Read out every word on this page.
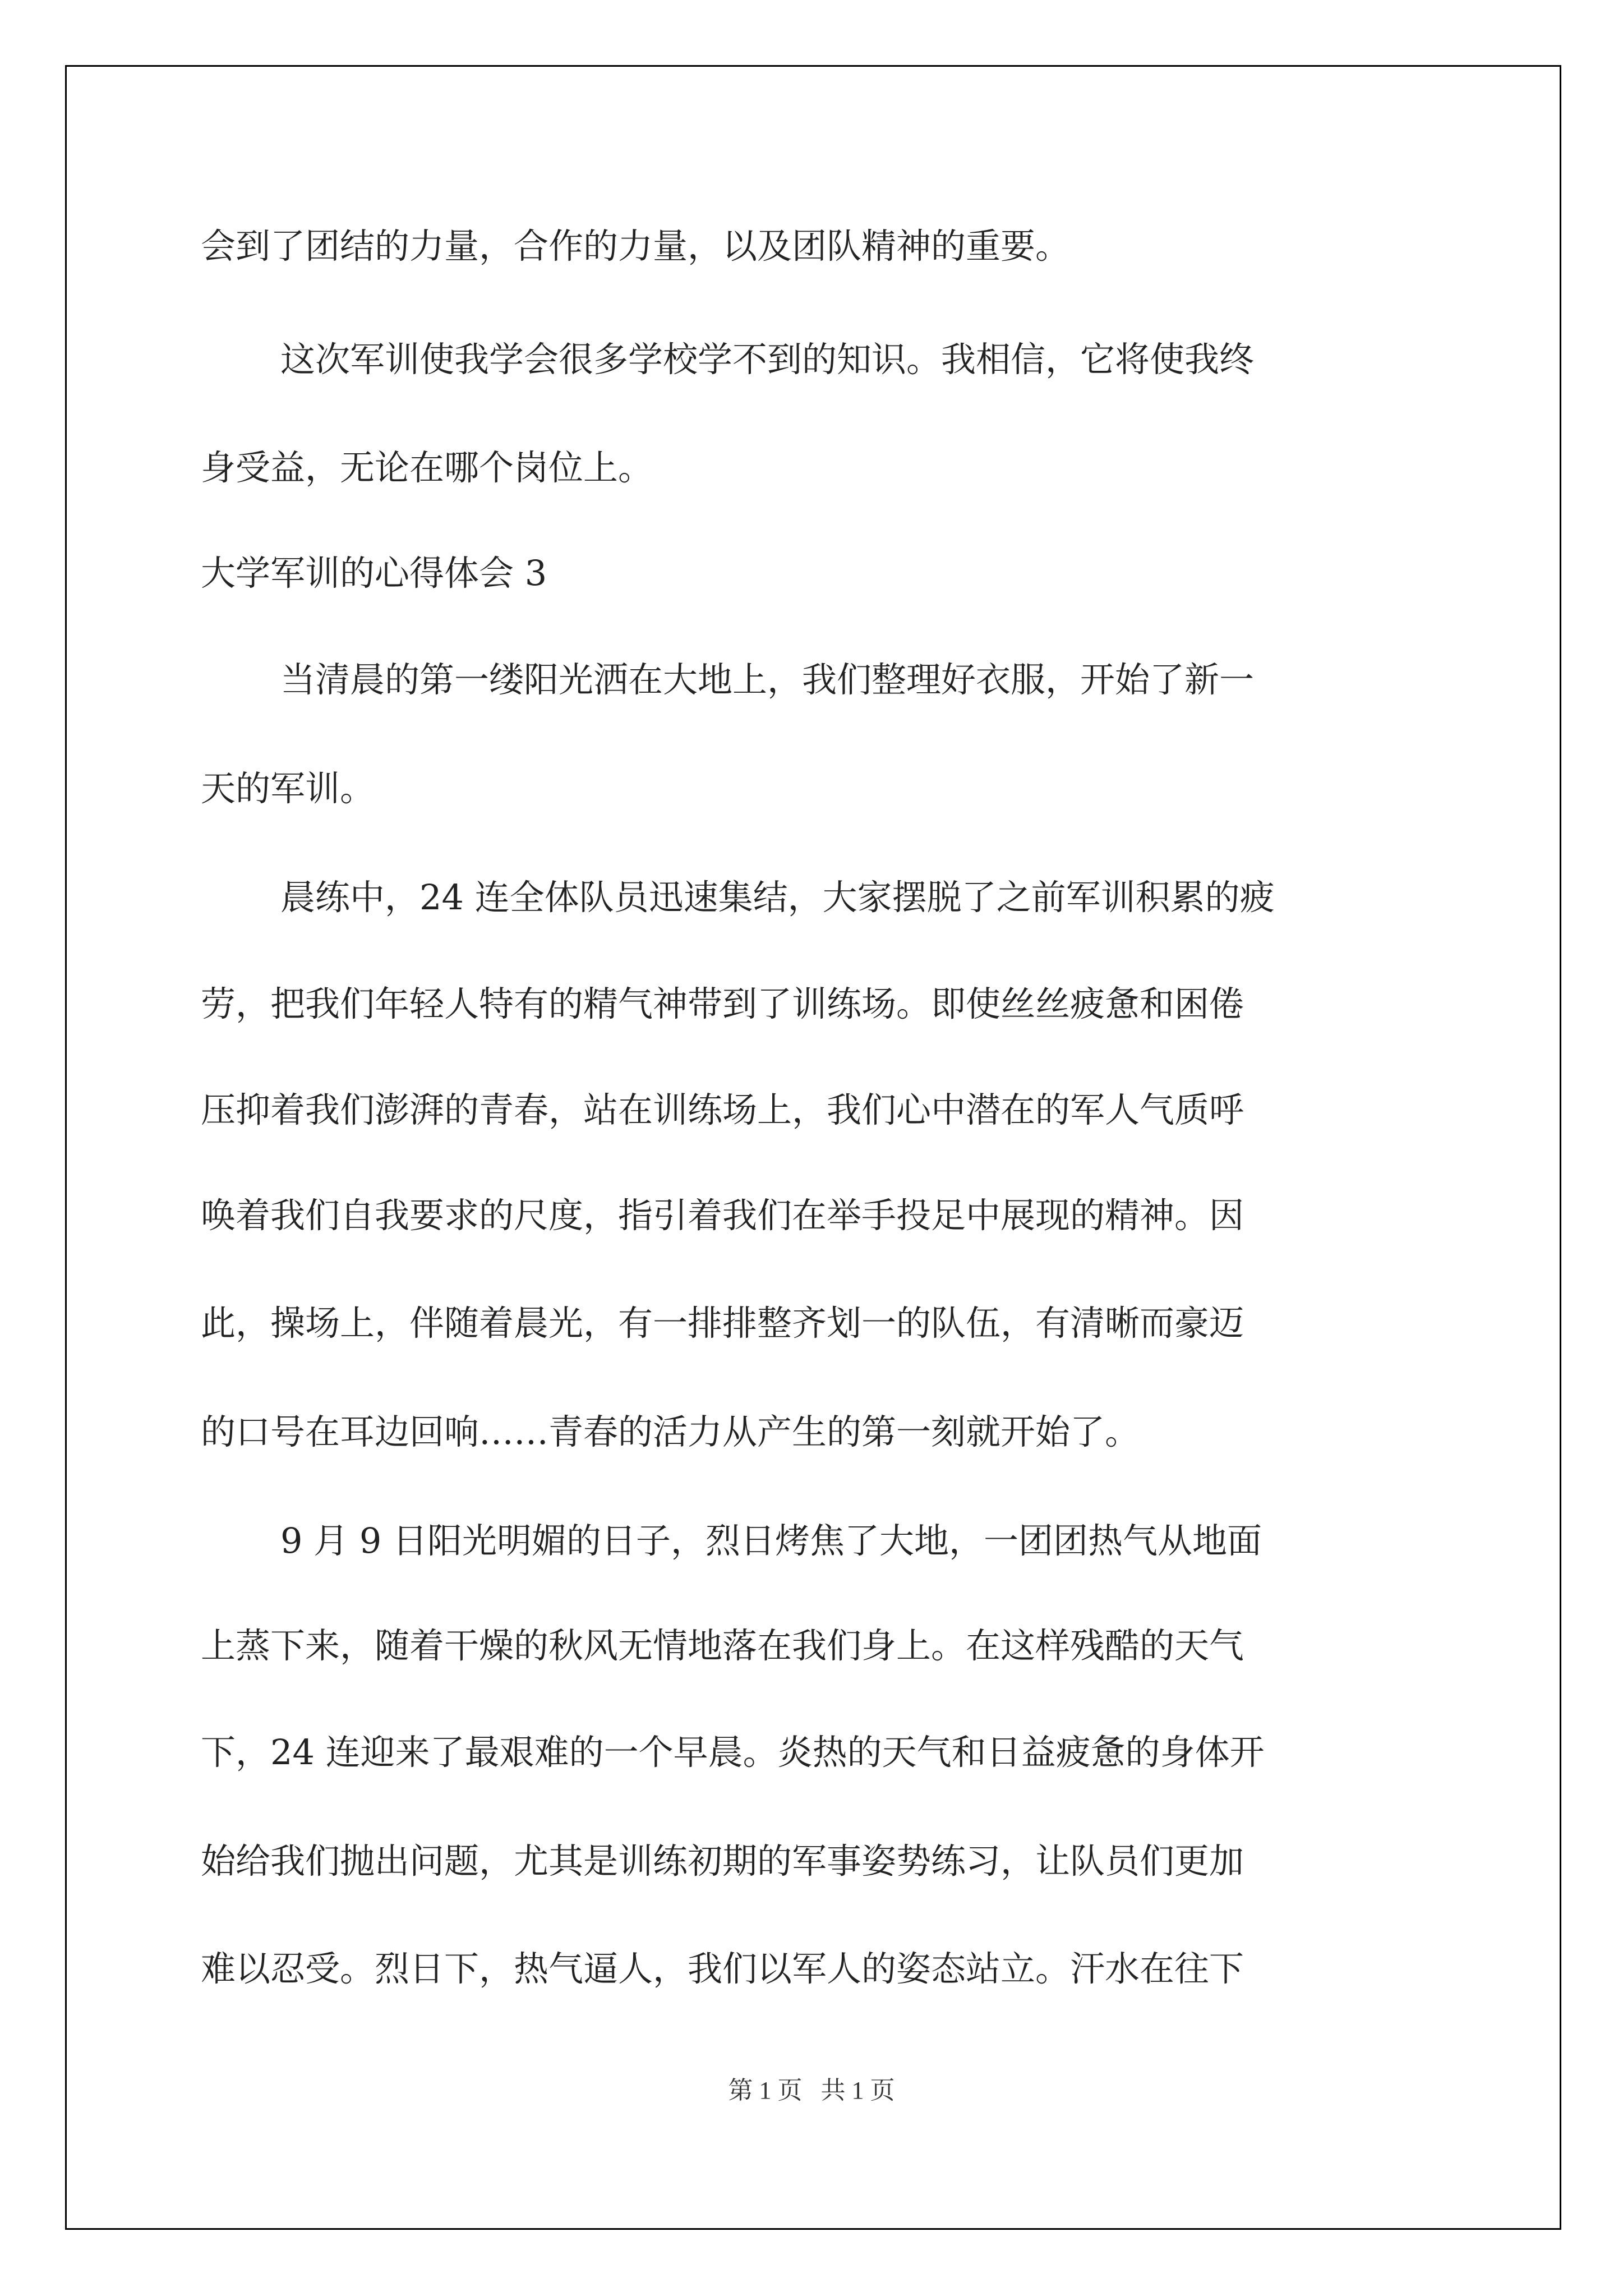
会到了团结的力量，合作的力量，以及团队精神的重要。

这次军训使我学会很多学校学不到的知识。我相信，它将使我终

身受益，无论在哪个岗位上。

大学军训的心得体会 3

当清晨的第一缕阳光洒在大地上，我们整理好衣服，开始了新一

天的军训。

晨练中，24 连全体队员迅速集结，大家摆脱了之前军训积累的疲

劳，把我们年轻人特有的精气神带到了训练场。即使丝丝疲惫和困倦

压抑着我们澎湃的青春，站在训练场上，我们心中潜在的军人气质呼

唤着我们自我要求的尺度，指引着我们在举手投足中展现的精神。因

此，操场上，伴随着晨光，有一排排整齐划一的队伍，有清晰而豪迈

的口号在耳边回响……青春的活力从产生的第一刻就开始了。

9 月 9 日阳光明媚的日子，烈日烤焦了大地，一团团热气从地面

上蒸下来，随着干燥的秋风无情地落在我们身上。在这样残酷的天气

下，24 连迎来了最艰难的一个早晨。炎热的天气和日益疲惫的身体开

始给我们抛出问题，尤其是训练初期的军事姿势练习，让队员们更加

难以忍受。烈日下，热气逼人，我们以军人的姿态站立。汗水在往下

第 1 页   共 1 页
